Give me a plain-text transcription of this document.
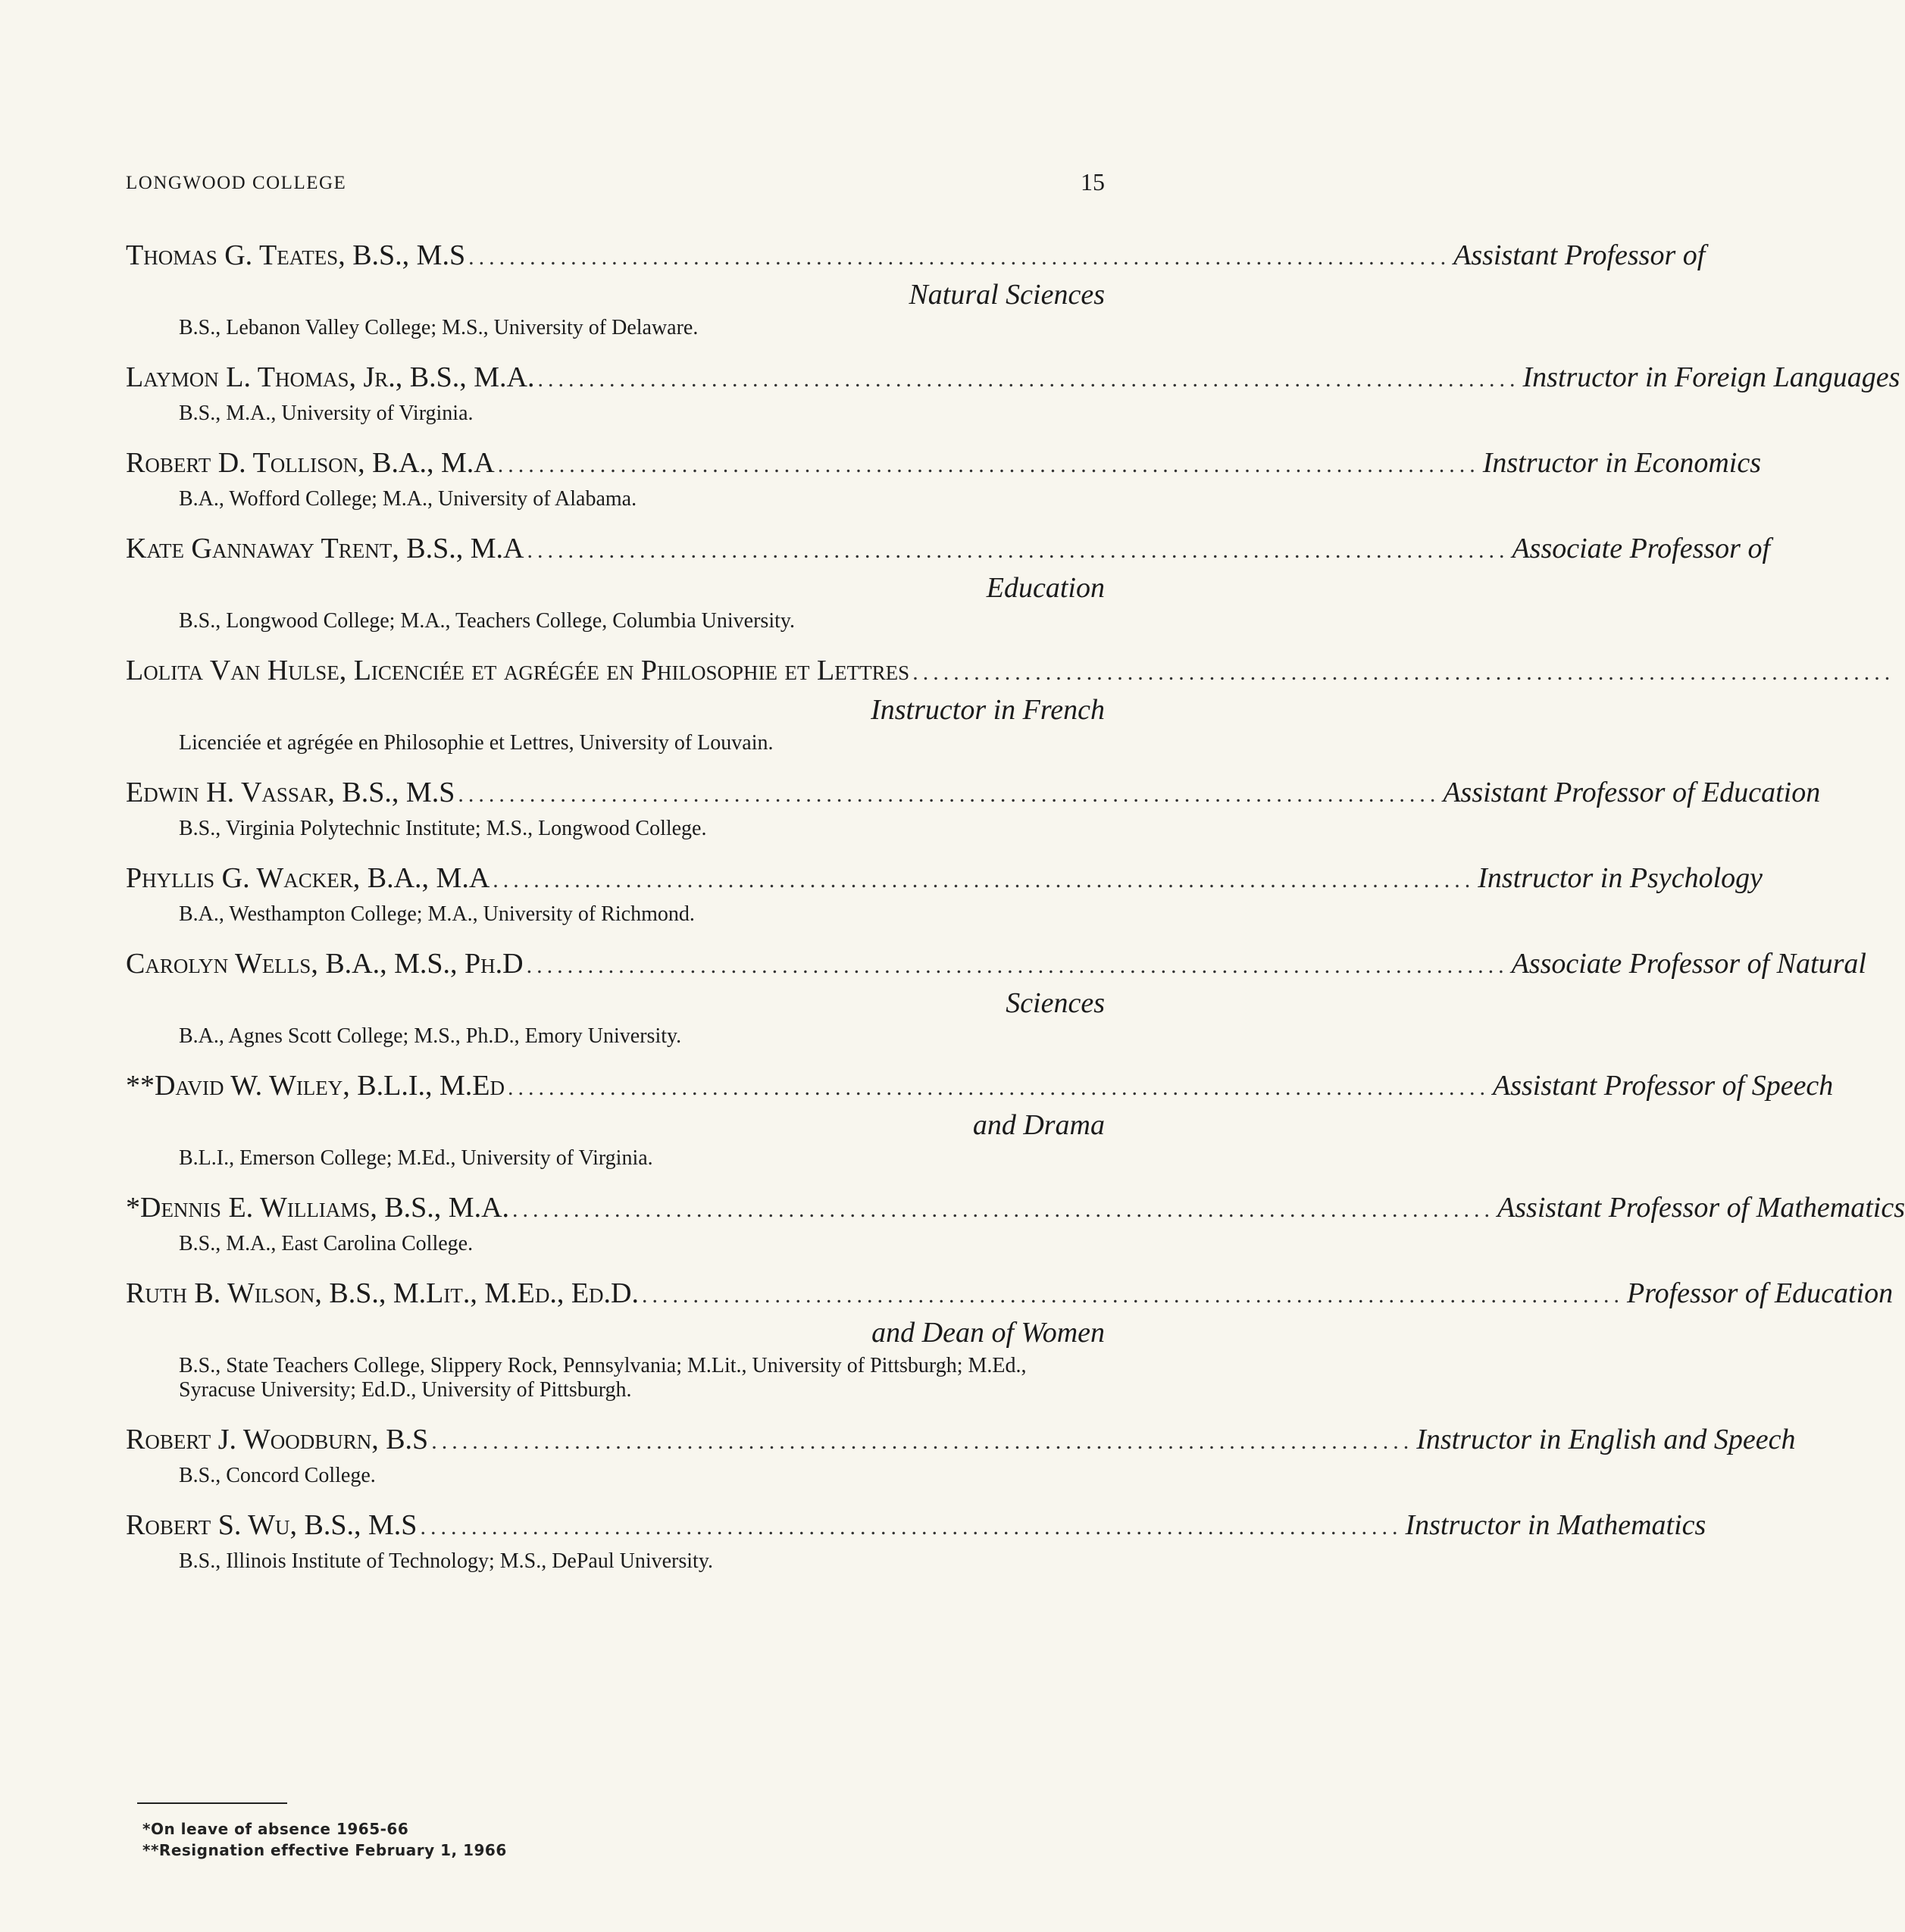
LONGWOOD COLLEGE	15
Thomas G. Teates, B.S., M.S ................................................................................................ Assistant Professor of
Natural Sciences
B.S., Lebanon Valley College; M.S., University of Delaware.
Laymon L. Thomas, Jr., B.S., M.A. ................................................................................................ Instructor in Foreign Languages
B.S., M.A., University of Virginia.
Robert D. Tollison, B.A., M.A ................................................................................................ Instructor in Economics
B.A., Wofford College; M.A., University of Alabama.
Kate Gannaway Trent, B.S., M.A ................................................................................................ Associate Professor of
Education
B.S., Longwood College; M.A., Teachers College, Columbia University.
Lolita Van Hulse, Licenciée et agrégée en Philosophie et Lettres ................................................................................................
Instructor in French
Licenciée et agrégée en Philosophie et Lettres, University of Louvain.
Edwin H. Vassar, B.S., M.S ................................................................................................ Assistant Professor of Education
B.S., Virginia Polytechnic Institute; M.S., Longwood College.
Phyllis G. Wacker, B.A., M.A ................................................................................................ Instructor in Psychology
B.A., Westhampton College; M.A., University of Richmond.
Carolyn Wells, B.A., M.S., Ph.D ................................................................................................ Associate Professor of Natural
Sciences
B.A., Agnes Scott College; M.S., Ph.D., Emory University.
**David W. Wiley, B.L.I., M.Ed ................................................................................................ Assistant Professor of Speech
and Drama
B.L.I., Emerson College; M.Ed., University of Virginia.
*Dennis E. Williams, B.S., M.A. ................................................................................................ Assistant Professor of Mathematics
B.S., M.A., East Carolina College.
Ruth B. Wilson, B.S., M.Lit., M.Ed., Ed.D. ................................................................................................ Professor of Education
and Dean of Women
B.S., State Teachers College, Slippery Rock, Pennsylvania; M.Lit., University of Pittsburgh; M.Ed., Syracuse University; Ed.D., University of Pittsburgh.
Robert J. Woodburn, B.S ................................................................................................ Instructor in English and Speech
B.S., Concord College.
Robert S. Wu, B.S., M.S ................................................................................................ Instructor in Mathematics
B.S., Illinois Institute of Technology; M.S., DePaul University.
*On leave of absence 1965-66
**Resignation effective February 1, 1966
